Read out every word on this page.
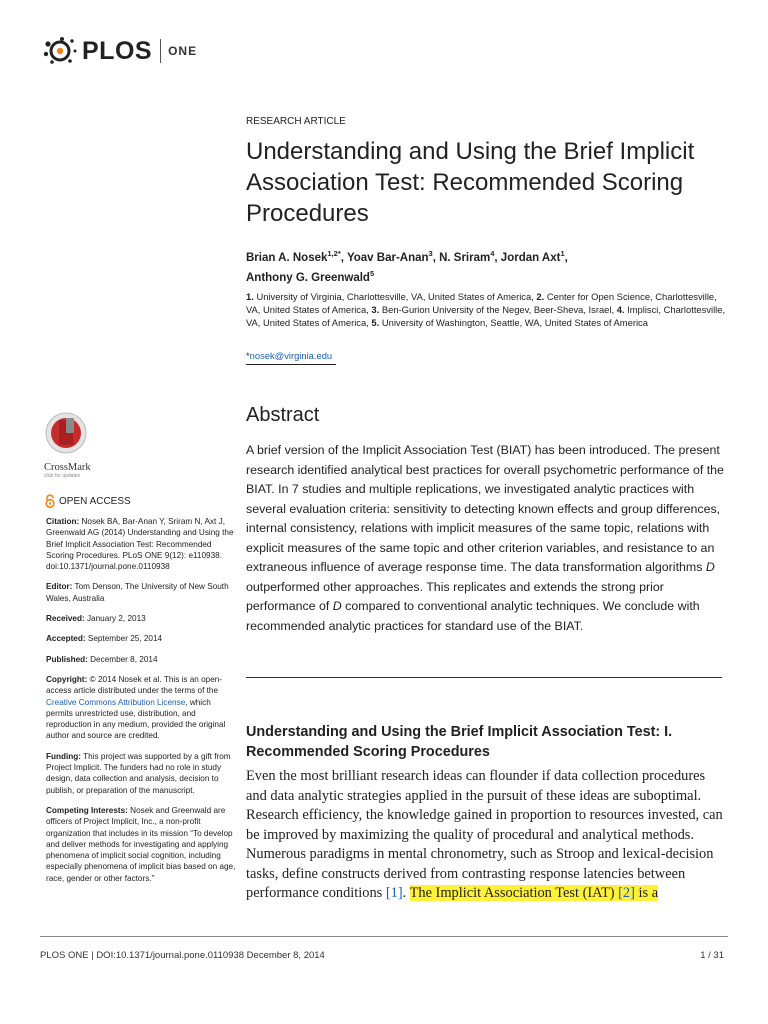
PLOS ONE
RESEARCH ARTICLE
Understanding and Using the Brief Implicit Association Test: Recommended Scoring Procedures
Brian A. Nosek$^{1,2*}$, Yoav Bar-Anan$^3$, N. Sriram$^4$, Jordan Axt$^1$,
Anthony G. Greenwald$^5$
1. University of Virginia, Charlottesville, VA, United States of America, 2. Center for Open Science, Charlottesville, VA, United States of America, 3. Ben-Gurion University of the Negev, Beer-Sheva, Israel, 4. Implisci, Charlottesville, VA, United States of America, 5. University of Washington, Seattle, WA, United States of America
*nosek@virginia.edu
Abstract
A brief version of the Implicit Association Test (BIAT) has been introduced. The present research identified analytical best practices for overall psychometric performance of the BIAT. In 7 studies and multiple replications, we investigated analytic practices with several evaluation criteria: sensitivity to detecting known effects and group differences, internal consistency, relations with implicit measures of the same topic, relations with explicit measures of the same topic and other criterion variables, and resistance to an extraneous influence of average response time. The data transformation algorithms D outperformed other approaches. This replicates and extends the strong prior performance of D compared to conventional analytic techniques. We conclude with recommended analytic practices for standard use of the BIAT.
Understanding and Using the Brief Implicit Association Test: I. Recommended Scoring Procedures
Even the most brilliant research ideas can flounder if data collection procedures and data analytic strategies applied in the pursuit of these ideas are suboptimal. Research efficiency, the knowledge gained in proportion to resources invested, can be improved by maximizing the quality of procedural and analytical methods. Numerous paradigms in mental chronometry, such as Stroop and lexical-decision tasks, define constructs derived from contrasting response latencies between performance conditions [1]. The Implicit Association Test (IAT) [2] is a
CrossMark
click for updates
OPEN ACCESS

Citation: Nosek BA, Bar-Anan Y, Sriram N, Axt J, Greenwald AG (2014) Understanding and Using the Brief Implicit Association Test: Recommended Scoring Procedures. PLoS ONE 9(12): e110938. doi:10.1371/journal.pone.0110938

Editor: Tom Denson, The University of New South Wales, Australia

Received: January 2, 2013

Accepted: September 25, 2014

Published: December 8, 2014

Copyright: © 2014 Nosek et al. This is an open-access article distributed under the terms of the Creative Commons Attribution License, which permits unrestricted use, distribution, and reproduction in any medium, provided the original author and source are credited.

Funding: This project was supported by a gift from Project Implicit. The funders had no role in study design, data collection and analysis, decision to publish, or preparation of the manuscript.

Competing Interests: Nosek and Greenwald are officers of Project Implicit, Inc., a non-profit organization that includes in its mission “To develop and deliver methods for investigating and applying phenomena of implicit social cognition, including especially phenomena of implicit bias based on age, race, gender or other factors.”

PLOS ONE | DOI:10.1371/journal.pone.0110938 December 8, 2014	1 / 31
